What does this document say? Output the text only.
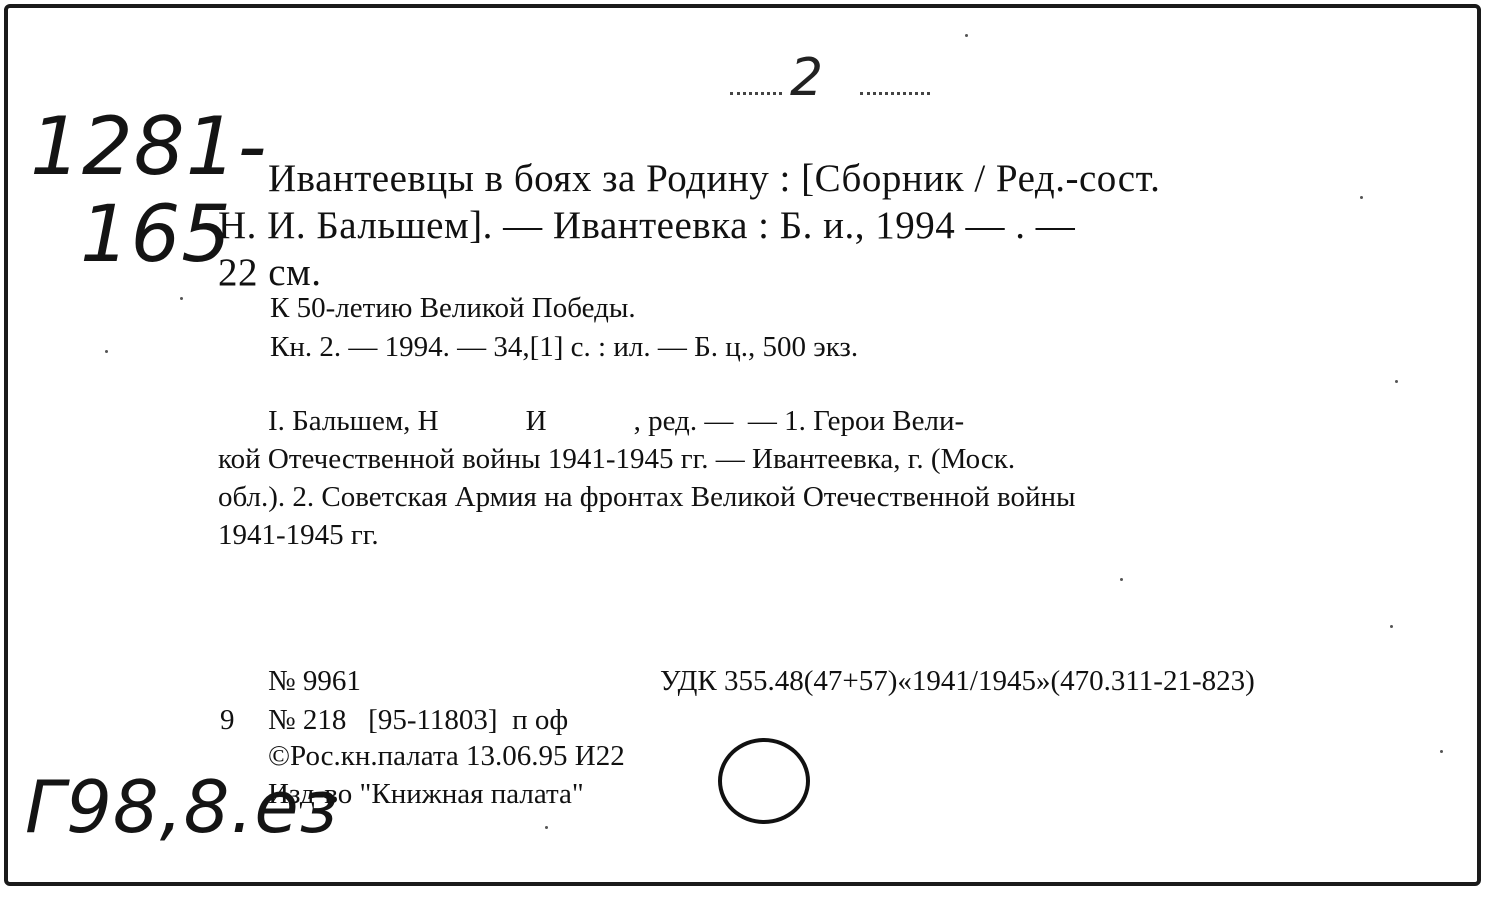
1281-
165
Г98,8.ез
2
Ивантеевцы в боях за Родину : [Сборник / Ред.-сост.
Н. И. Бальшем]. — Ивантеевка : Б. и., 1994 — . —
22 см.
К 50-летию Великой Победы.
Кн. 2. — 1994. — 34,[1] с. : ил. — Б. ц., 500 экз.
I. Бальшем, Н            И            , ред. —  — 1. Герои Вели-
кой Отечественной войны 1941-1945 гг. — Ивантеевка, г. (Моск.
обл.). 2. Советская Армия на фронтах Великой Отечественной войны
1941-1945 гг.
№ 9961	УДК 355.48(47+57)«1941/1945»(470.311-21-823)
9 № 218   [95-11803]  п оф
©Рос.кн.палата 13.06.95 И22
Изд-во "Книжная палата"
